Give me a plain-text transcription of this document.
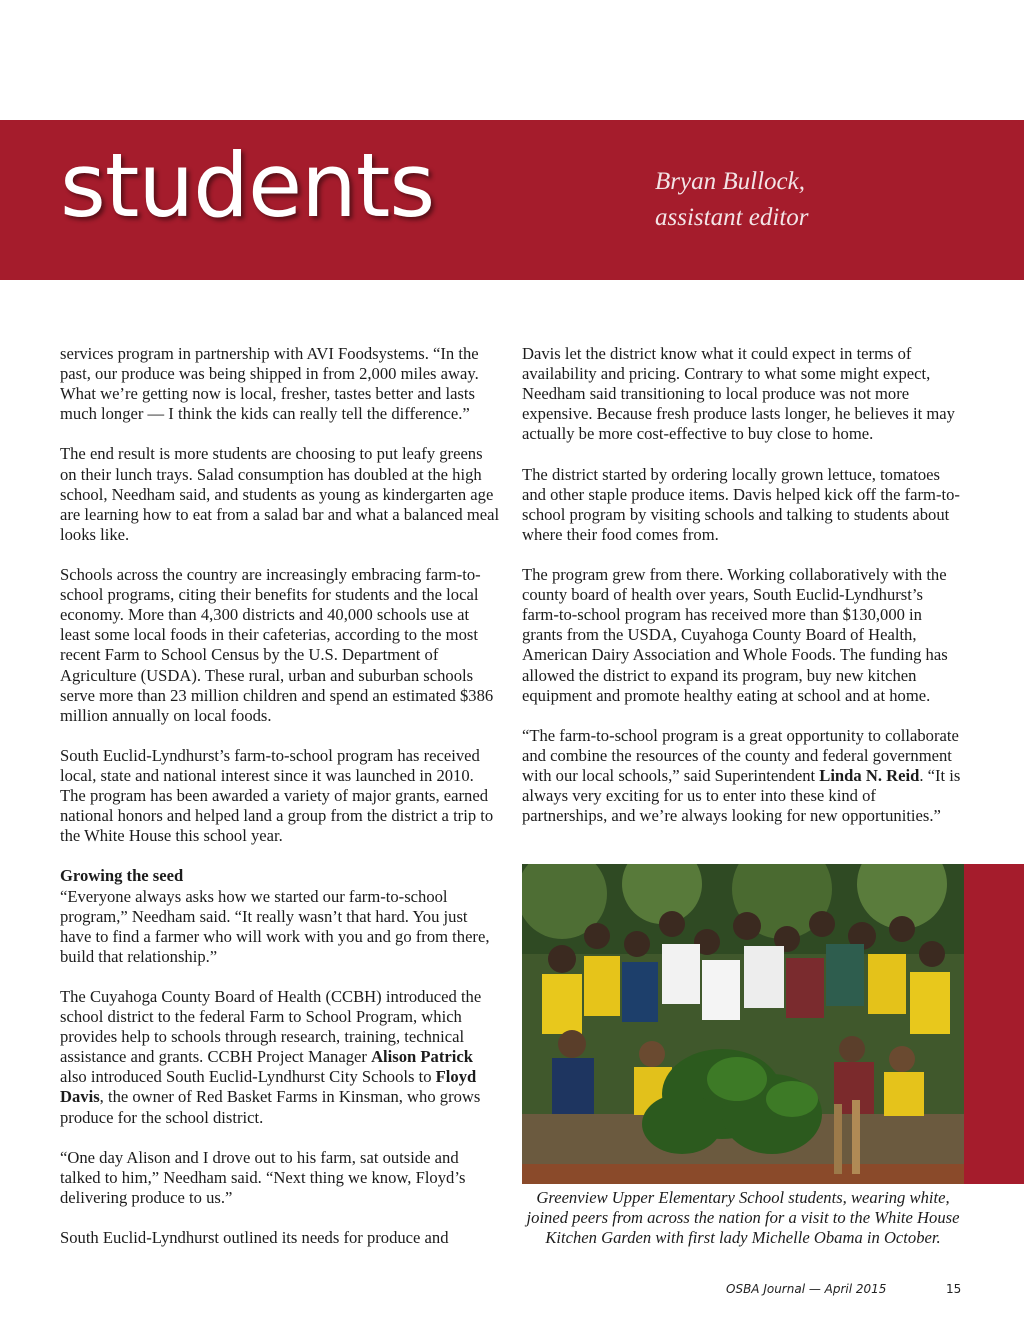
students	Bryan Bullock,
assistant editor

services program in partnership with AVI Foodsystems. “In the past, our produce was being shipped in from 2,000 miles away. What we’re getting now is local, fresher, tastes better and lasts much longer — I think the kids can really tell the difference.”

The end result is more students are choosing to put leafy greens on their lunch trays. Salad consumption has doubled at the high school, Needham said, and students as young as kindergarten age are learning how to eat from a salad bar and what a balanced meal looks like.

Schools across the country are increasingly embracing farm-to-school programs, citing their benefits for students and the local economy. More than 4,300 districts and 40,000 schools use at least some local foods in their cafeterias, according to the most recent Farm to School Census by the U.S. Department of Agriculture (USDA). These rural, urban and suburban schools serve more than 23 million children and spend an estimated $386 million annually on local foods.

South Euclid-Lyndhurst’s farm-to-school program has received local, state and national interest since it was launched in 2010. The program has been awarded a variety of major grants, earned national honors and helped land a group from the district a trip to the White House this school year.

Growing the seed

“Everyone always asks how we started our farm-to-school program,” Needham said. “It really wasn’t that hard. You just have to find a farmer who will work with you and go from there, build that relationship.”

The Cuyahoga County Board of Health (CCBH) introduced the school district to the federal Farm to School Program, which provides help to schools through research, training, technical assistance and grants. CCBH Project Manager Alison Patrick also introduced South Euclid-Lyndhurst City Schools to Floyd Davis, the owner of Red Basket Farms in Kinsman, who grows produce for the school district.

“One day Alison and I drove out to his farm, sat outside and talked to him,” Needham said. “Next thing we know, Floyd’s delivering produce to us.”

South Euclid-Lyndhurst outlined its needs for produce and

Davis let the district know what it could expect in terms of availability and pricing. Contrary to what some might expect, Needham said transitioning to local produce was not more expensive. Because fresh produce lasts longer, he believes it may actually be more cost-effective to buy close to home.

The district started by ordering locally grown lettuce, tomatoes and other staple produce items. Davis helped kick off the farm-to-school program by visiting schools and talking to students about where their food comes from.

The program grew from there. Working collaboratively with the county board of health over years, South Euclid-Lyndhurst’s farm-to-school program has received more than $130,000 in grants from the USDA, Cuyahoga County Board of Health, American Dairy Association and Whole Foods. The funding has allowed the district to expand its program, buy new kitchen equipment and promote healthy eating at school and at home.

“The farm-to-school program is a great opportunity to collaborate and combine the resources of the county and federal government with our local schools,” said Superintendent Linda N. Reid. “It is always very exciting for us to enter into these kind of partnerships, and we’re always looking for new opportunities.”

Greenview Upper Elementary School students, wearing white, joined peers from across the nation for a visit to the White House Kitchen Garden with first lady Michelle Obama in October.
OSBA Journal — April 2015	15
